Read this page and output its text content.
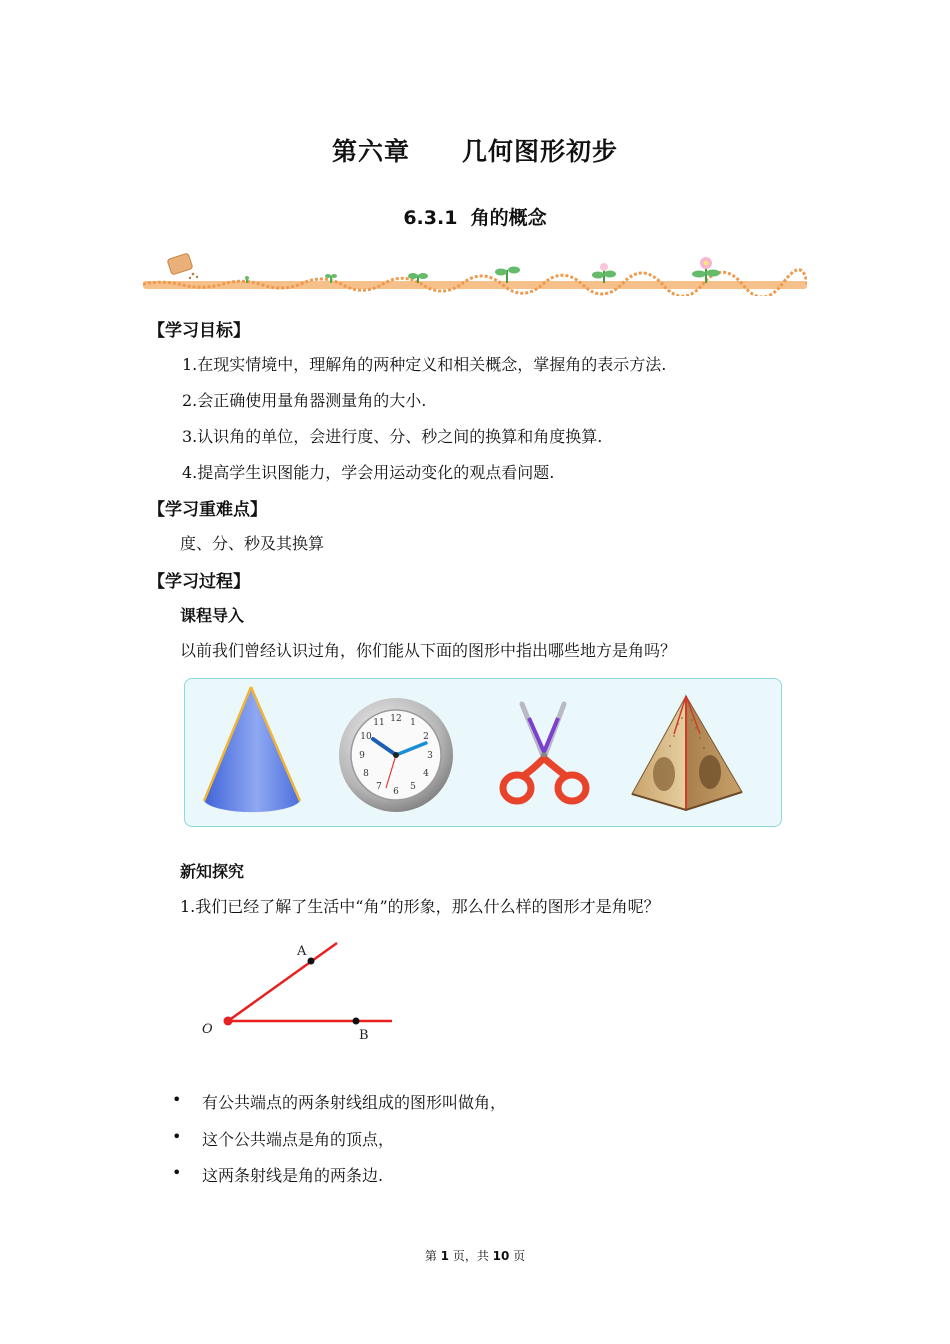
第六章　　几何图形初步
6.3.1  角的概念
【学习目标】
1.在现实情境中，理解角的两种定义和相关概念，掌握角的表示方法.
2.会正确使用量角器测量角的大小.
3.认识角的单位，会进行度、分、秒之间的换算和角度换算.
4.提高学生识图能力，学会用运动变化的观点看问题.
【学习重难点】
度、分、秒及其换算
【学习过程】
课程导入
以前我们曾经认识过角，你们能从下面的图形中指出哪些地方是角吗？
12 1
2
3
4
5
6
7
8
9
10
11
新知探究
1.我们已经了解了生活中“角”的形象，那么什么样的图形才是角呢？
A
B
O
• 有公共端点的两条射线组成的图形叫做角，
• 这个公共端点是角的顶点，
• 这两条射线是角的两条边.
第 1 页，共 10 页
